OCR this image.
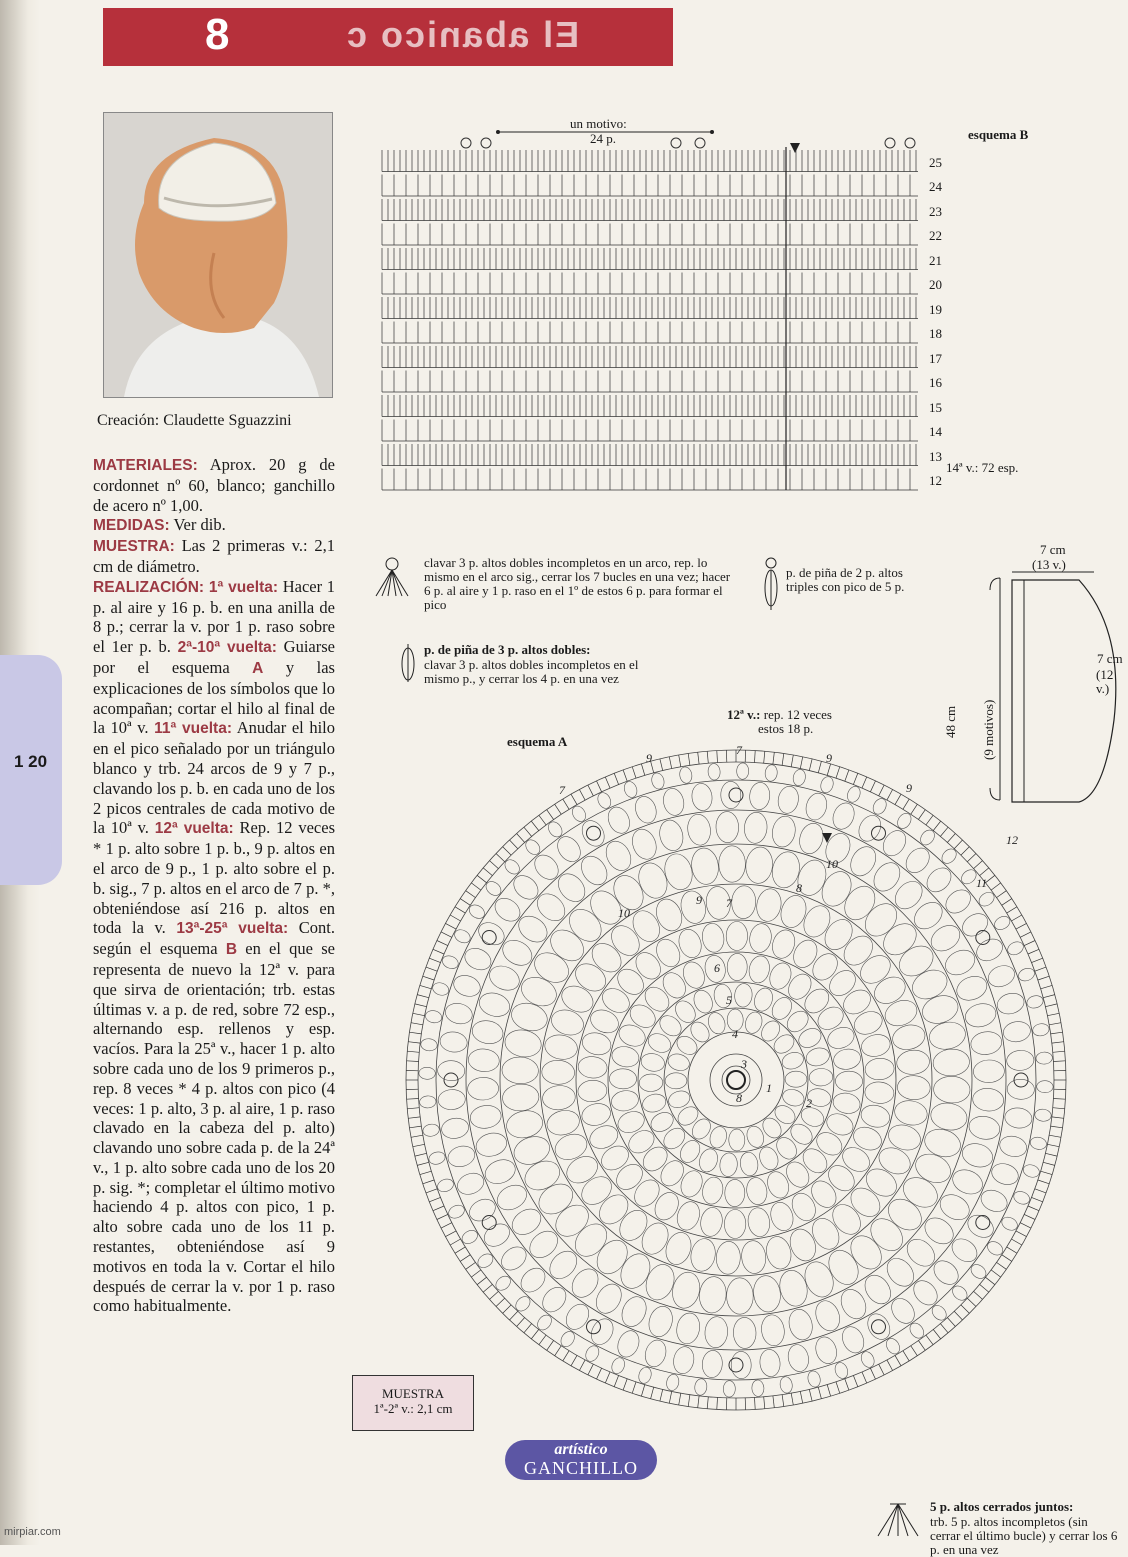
8	El abanico c
Creación: Claudette Sguazzini
MATERIALES: Aprox. 20 g de cordonnet nº 60, blanco; ganchillo de acero nº 1,00.
MEDIDAS: Ver dib.
MUESTRA: Las 2 primeras v.: 2,1 cm de diámetro.
REALIZACIÓN: 1ª vuelta: Hacer 1 p. al aire y 16 p. b. en una anilla de 8 p.; cerrar la v. por 1 p. raso sobre el 1er p. b. 2ª-10ª vuelta: Guiarse por el esquema A y las explicaciones de los símbolos que lo acompañan; cortar el hilo al final de la 10ª v. 11ª vuelta: Anudar el hilo en el pico señalado por un triángulo blanco y trb. 24 arcos de 9 y 7 p., clavando los p. b. en cada uno de los 2 picos centrales de cada motivo de la 10ª v. 12ª vuelta: Rep. 12 veces * 1 p. alto sobre 1 p. b., 9 p. altos en el arco de 9 p., 1 p. alto sobre el p. b. sig., 7 p. altos en el arco de 7 p. *, obteniéndose así 216 p. altos en toda la v. 13ª-25ª vuelta: Cont. según el esquema B en el que se representa de nuevo la 12ª v. para que sirva de orientación; trb. estas últimas v. a p. de red, sobre 72 esp., alternando esp. rellenos y esp. vacíos. Para la 25ª v., hacer 1 p. alto sobre cada uno de los 9 primeros p., rep. 8 veces * 4 p. altos con pico (4 veces: 1 p. alto, 3 p. al aire, 1 p. raso clavado en la cabeza del p. alto) clavando uno sobre cada p. de la 24ª v., 1 p. alto sobre cada uno de los 20 p. sig. *; completar el último motivo haciendo 4 p. altos con pico, 1 p. alto sobre cada uno de los 11 p. restantes, obteniéndose así 9 motivos en toda la v. Cortar el hilo después de cerrar la v. por 1 p. raso como habitualmente.
1 20
esquema B
un motivo:
24 p.
25
24
23
22
21
20
19
18
17
16
15
14
13
12
14ª v.: 72 esp.
clavar 3 p. altos dobles incompletos en un arco, rep. lo mismo en el arco sig., cerrar los 7 bucles en una vez; hacer 6 p. al aire y 1 p. raso en el 1º de estos 6 p. para formar el pico
p. de piña de 2 p. altos triples con pico de 5 p.
p. de piña de 3 p. altos dobles:
clavar 3 p. altos dobles incompletos en el mismo p., y cerrar los 4 p. en una vez
7 cm
(13 v.)
7 cm
(12 v.)
48 cm (9 motivos)
esquema A
12ª v.: rep. 12 veces
estos 18 p.
9
7
9
7	9
12
11
10
10
9
8
7
6
5
4
3
2
1
8
MUESTRA
1ª-2ª v.: 2,1 cm
artístico
GANCHILLO
5 p. altos cerrados juntos:
trb. 5 p. altos incompletos (sin cerrar el último bucle) y cerrar los 6 p. en una vez
mirpiar.com
